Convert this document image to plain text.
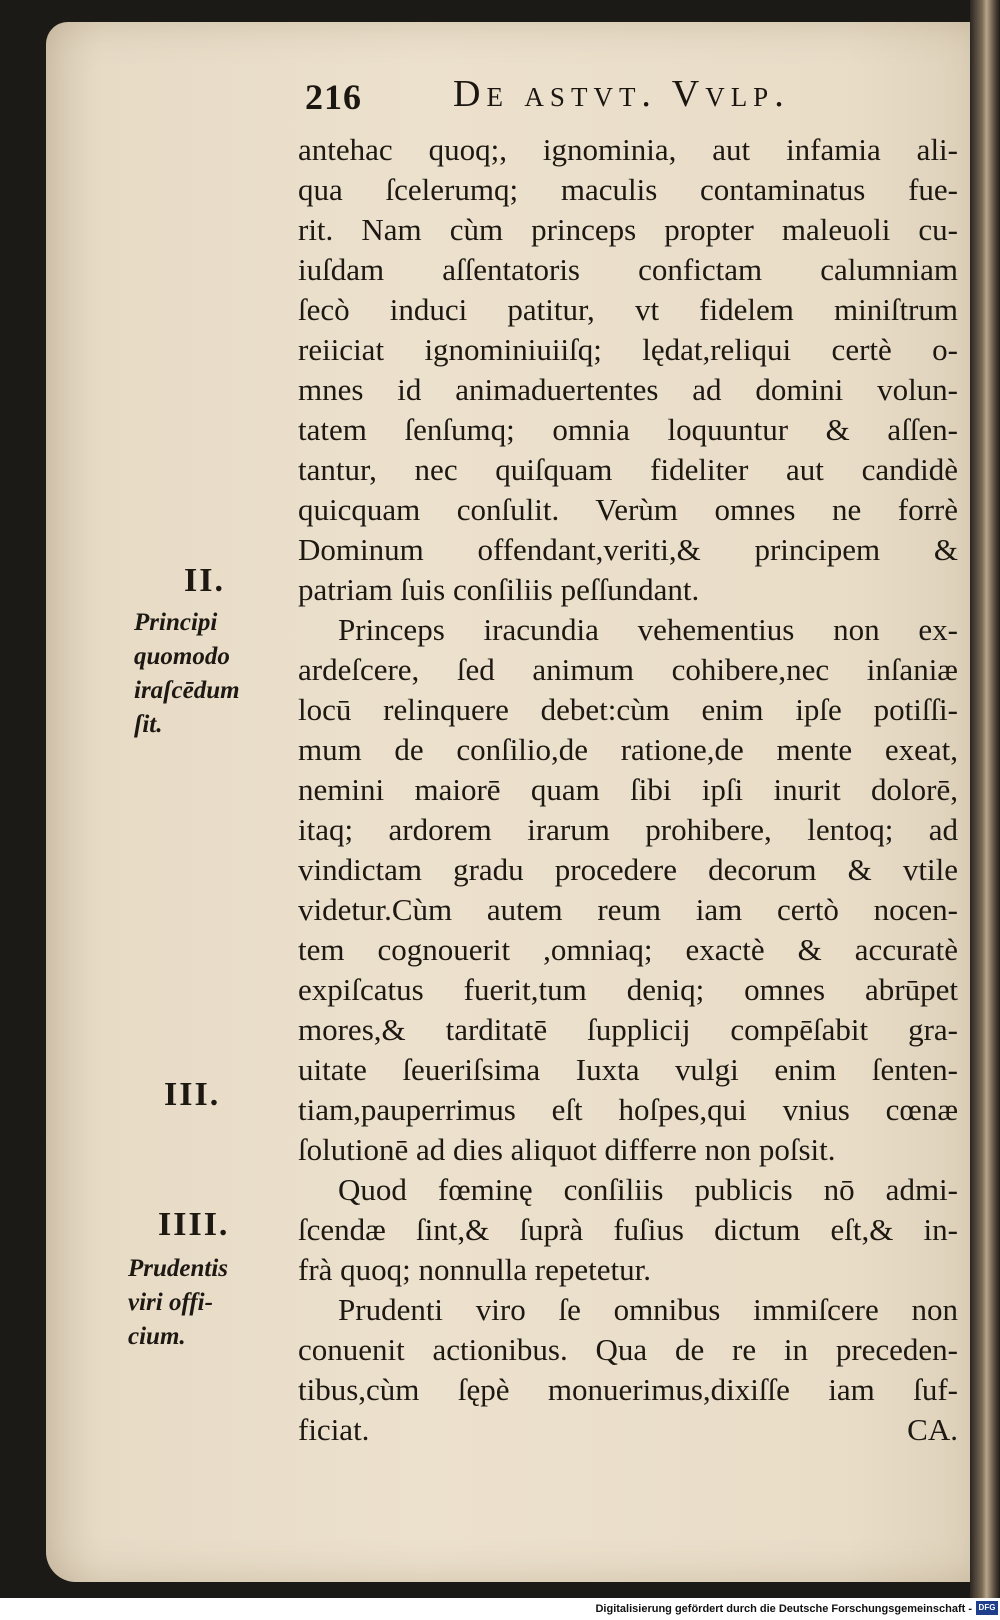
216 De astvt. Vvlp.
antehac quoq;, ignominia, aut infamia ali-
qua ſcelerumq; maculis contaminatus fue-
rit. Nam cùm princeps propter maleuoli cu-
iuſdam aſſentatoris confictam calumniam
ſecò induci patitur, vt fidelem miniſtrum
reiiciat ignominiuiiſq; lędat,reliqui certè o-
mnes id animaduertentes ad domini volun-
tatem ſenſumq; omnia loquuntur & aſſen-
tantur, nec quiſquam fideliter aut candidè
quicquam conſulit. Verùm omnes ne forrè
Dominum offendant,veriti,& principem &
patriam ſuis conſiliis peſſundant.
Princeps iracundia vehementius non ex-
ardeſcere, ſed animum cohibere,nec inſaniæ
locū relinquere debet:cùm enim ipſe potiſſi-
mum de conſilio,de ratione,de mente exeat,
nemini maiorē quam ſibi ipſi inurit dolorē,
itaq; ardorem irarum prohibere, lentoq; ad
vindictam gradu procedere decorum & vtile
videtur.Cùm autem reum iam certò nocen-
tem cognouerit ,omniaq; exactè & accuratè
expiſcatus fuerit,tum deniq; omnes abrūpet
mores,& tarditatē ſupplicij compēſabit gra-
uitate ſeueriſsima Iuxta vulgi enim ſenten-
tiam,pauperrimus eſt hoſpes,qui vnius cœnæ
ſolutionē ad dies aliquot differre non poſsit.
Quod fœminę conſiliis publicis nō admi-
ſcendæ ſint,& ſuprà fuſius dictum eſt,& in-
frà quoq; nonnulla repetetur.
Prudenti viro ſe omnibus immiſcere non
conuenit actionibus. Qua de re in preceden-
tibus,cùm ſępè monuerimus,dixiſſe iam ſuf-
ficiat.	CA.
II.
Principi
quomodo
iraſcēdum
ſit.
III.
IIII.
Prudentis
viri offi-
cium.
Digitalisierung gefördert durch die Deutsche Forschungsgemeinschaft - DFG
